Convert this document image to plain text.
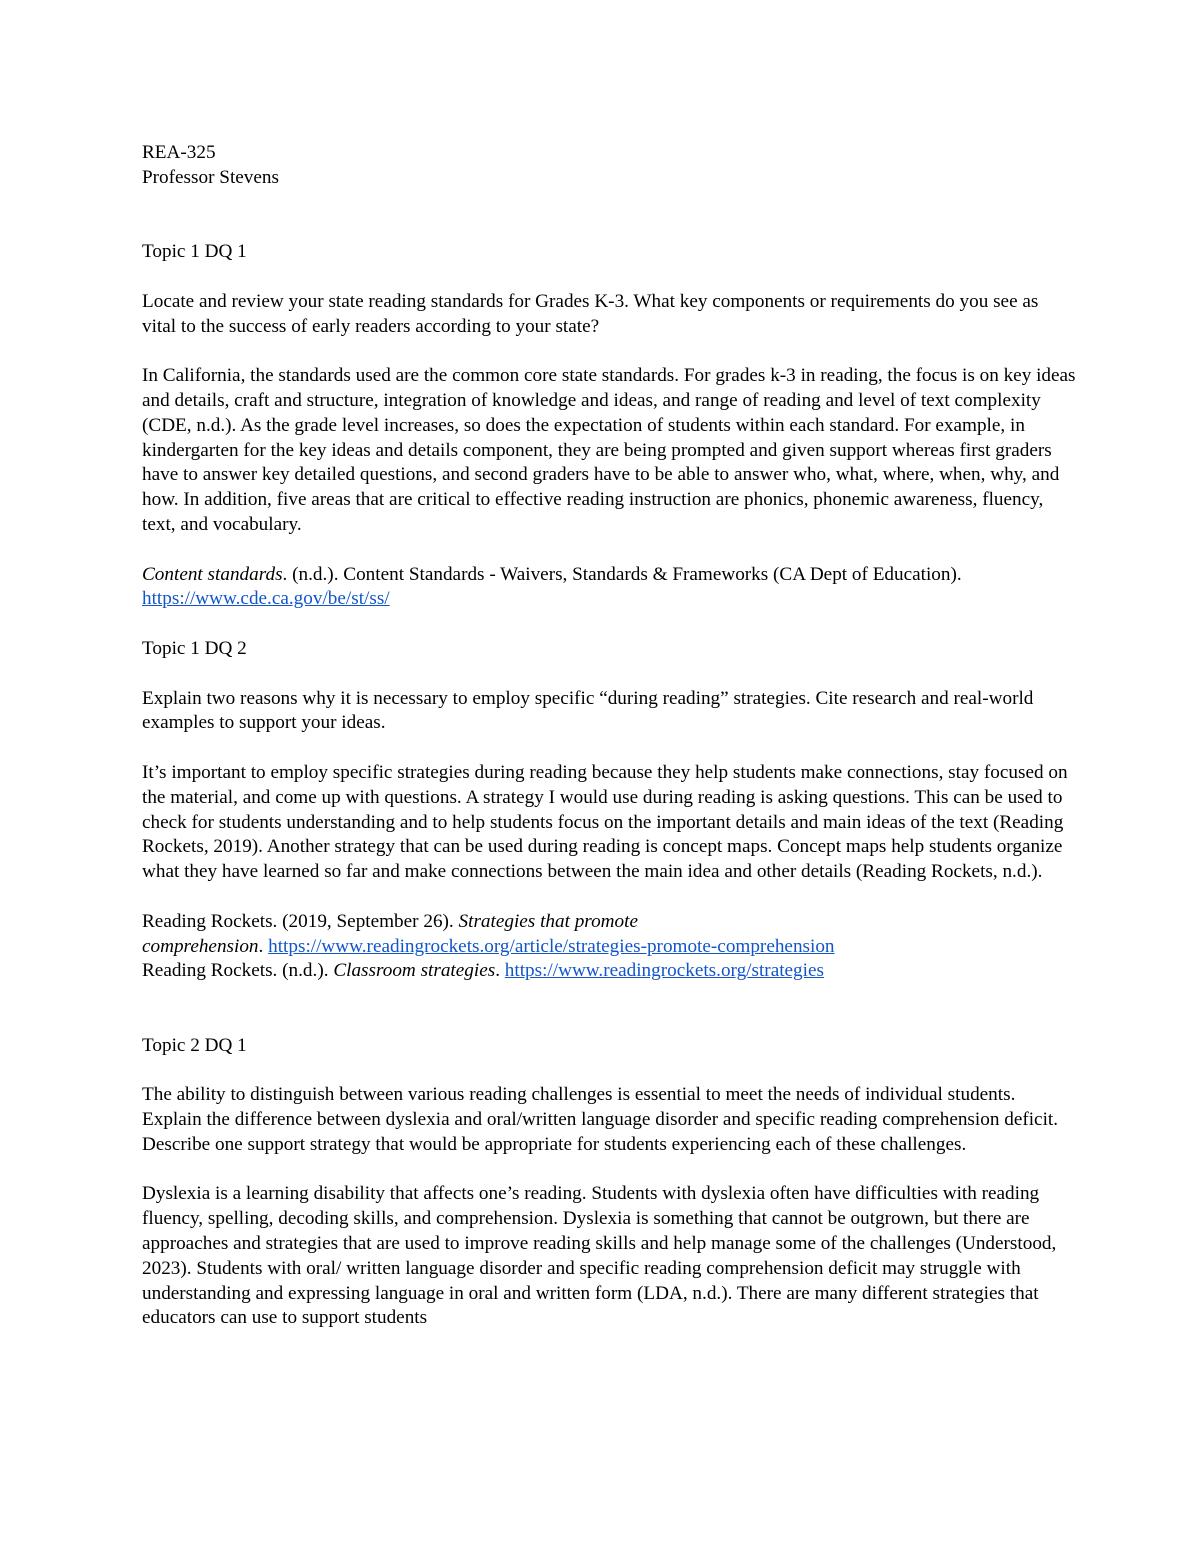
REA-325

Professor Stevens

Topic 1 DQ 1

Locate and review your state reading standards for Grades K-3. What key components or requirements do you see as vital to the success of early readers according to your state?

In California, the standards used are the common core state standards. For grades k-3 in reading, the focus is on key ideas and details, craft and structure, integration of knowledge and ideas, and range of reading and level of text complexity (CDE, n.d.). As the grade level increases, so does the expectation of students within each standard. For example, in kindergarten for the key ideas and details component, they are being prompted and given support whereas first graders have to answer key detailed questions, and second graders have to be able to answer who, what, where, when, why, and how. In addition, five areas that are critical to effective reading instruction are phonics, phonemic awareness, fluency, text, and vocabulary.

Content standards. (n.d.). Content Standards - Waivers, Standards & Frameworks (CA Dept of Education). https://www.cde.ca.gov/be/st/ss/

Topic 1 DQ 2

Explain two reasons why it is necessary to employ specific “during reading” strategies. Cite research and real-world examples to support your ideas.

It’s important to employ specific strategies during reading because they help students make connections, stay focused on the material, and come up with questions. A strategy I would use during reading is asking questions. This can be used to check for students understanding and to help students focus on the important details and main ideas of the text (Reading Rockets, 2019). Another strategy that can be used during reading is concept maps. Concept maps help students organize what they have learned so far and make connections between the main idea and other details (Reading Rockets, n.d.).

Reading Rockets. (2019, September 26). Strategies that promote
comprehension. https://www.readingrockets.org/article/strategies-promote-comprehension

Reading Rockets. (n.d.). Classroom strategies. https://www.readingrockets.org/strategies

Topic 2 DQ 1

The ability to distinguish between various reading challenges is essential to meet the needs of individual students. Explain the difference between dyslexia and oral/written language disorder and specific reading comprehension deficit. Describe one support strategy that would be appropriate for students experiencing each of these challenges.

Dyslexia is a learning disability that affects one’s reading. Students with dyslexia often have difficulties with reading fluency, spelling, decoding skills, and comprehension. Dyslexia is something that cannot be outgrown, but there are approaches and strategies that are used to improve reading skills and help manage some of the challenges (Understood, 2023). Students with oral/ written language disorder and specific reading comprehension deficit may struggle with understanding and expressing language in oral and written form (LDA, n.d.). There are many different strategies that educators can use to support students
